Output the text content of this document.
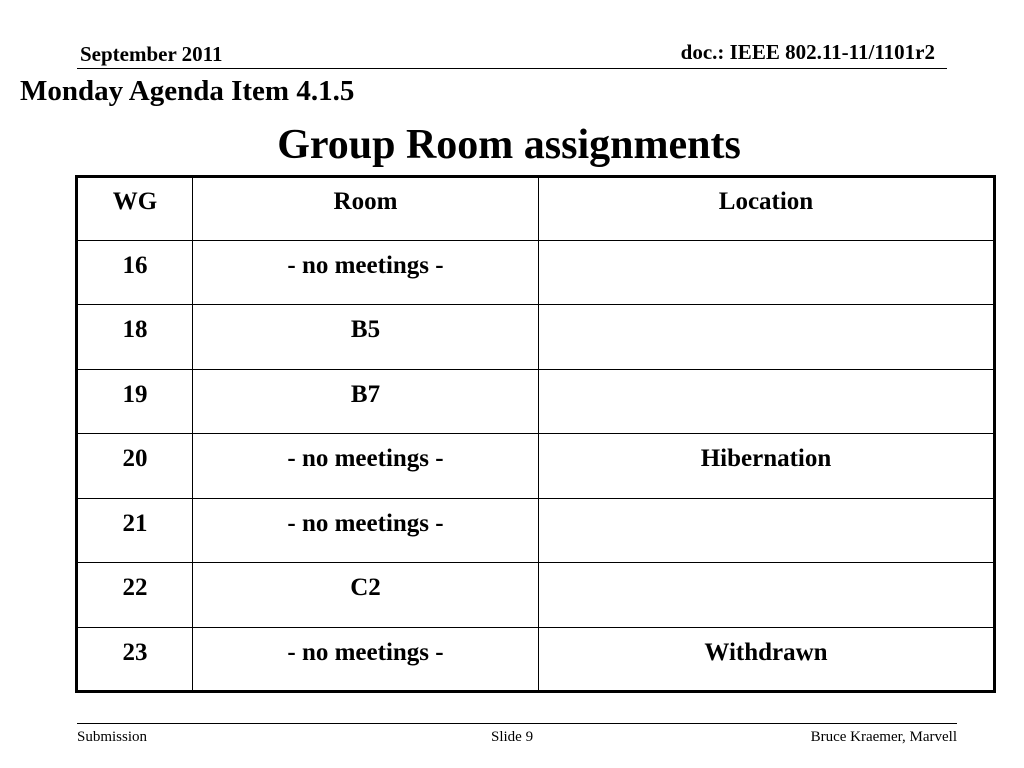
September 2011	doc.: IEEE 802.11-11/1101r2
Monday Agenda Item 4.1.5
Group Room assignments
WG	Room	Location
16	- no meetings -	
18	B5	
19	B7	
20	- no meetings -	Hibernation
21	- no meetings -	
22	C2	
23	- no meetings -	Withdrawn
Submission	Slide 9	Bruce Kraemer, Marvell
